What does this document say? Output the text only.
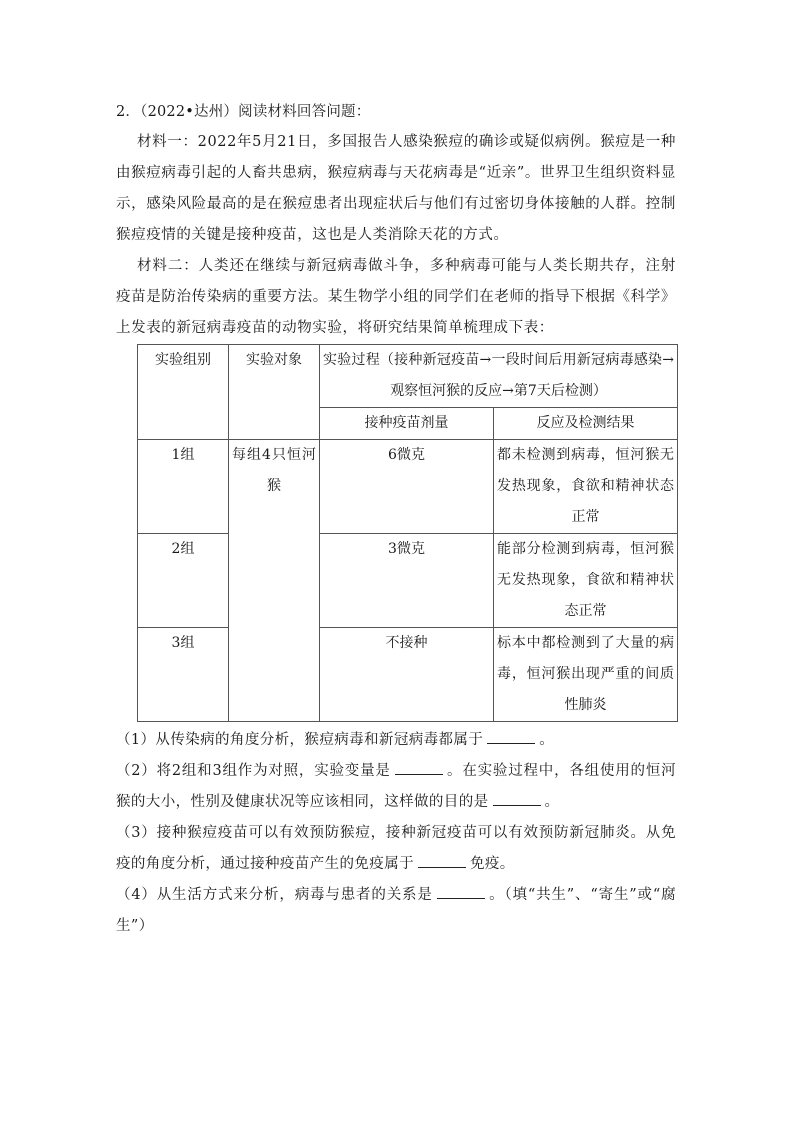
2．（2022•达州）阅读材料回答问题：
材料一：2022年5月21日，多国报告人感染猴痘的确诊或疑似病例。猴痘是一种由猴痘病毒引起的人畜共患病，猴痘病毒与天花病毒是“近亲”。世界卫生组织资料显示，感染风险最高的是在猴痘患者出现症状后与他们有过密切身体接触的人群。控制猴痘疫情的关键是接种疫苗，这也是人类消除天花的方式。
材料二：人类还在继续与新冠病毒做斗争，多种病毒可能与人类长期共存，注射疫苗是防治传染病的重要方法。某生物学小组的同学们在老师的指导下根据《科学》上发表的新冠病毒疫苗的动物实验，将研究结果简单梳理成下表：
实验组别	实验对象	实验过程（接种新冠疫苗→一段时间后用新冠病毒感染→观察恒河猴的反应→第7天后检测）	
		接种疫苗剂量	反应及检测结果
1组	每组4只恒河猴	6微克	都未检测到病毒，恒河猴无发热现象，食欲和精神状态正常
2组		3微克	能部分检测到病毒，恒河猴无发热现象，食欲和精神状态正常
3组		不接种	标本中都检测到了大量的病毒，恒河猴出现严重的间质性肺炎
（1）从传染病的角度分析，猴痘病毒和新冠病毒都属于	。
（2）将2组和3组作为对照，实验变量是	。在实验过程中，各组使用的恒河猴的大小，性别及健康状况等应该相同，这样做的目的是	。
（3）接种猴痘疫苗可以有效预防猴痘，接种新冠疫苗可以有效预防新冠肺炎。从免疫的角度分析，通过接种疫苗产生的免疫属于	免疫。
（4）从生活方式来分析，病毒与患者的关系是	。（填“共生”、“寄生”或“腐生”）
